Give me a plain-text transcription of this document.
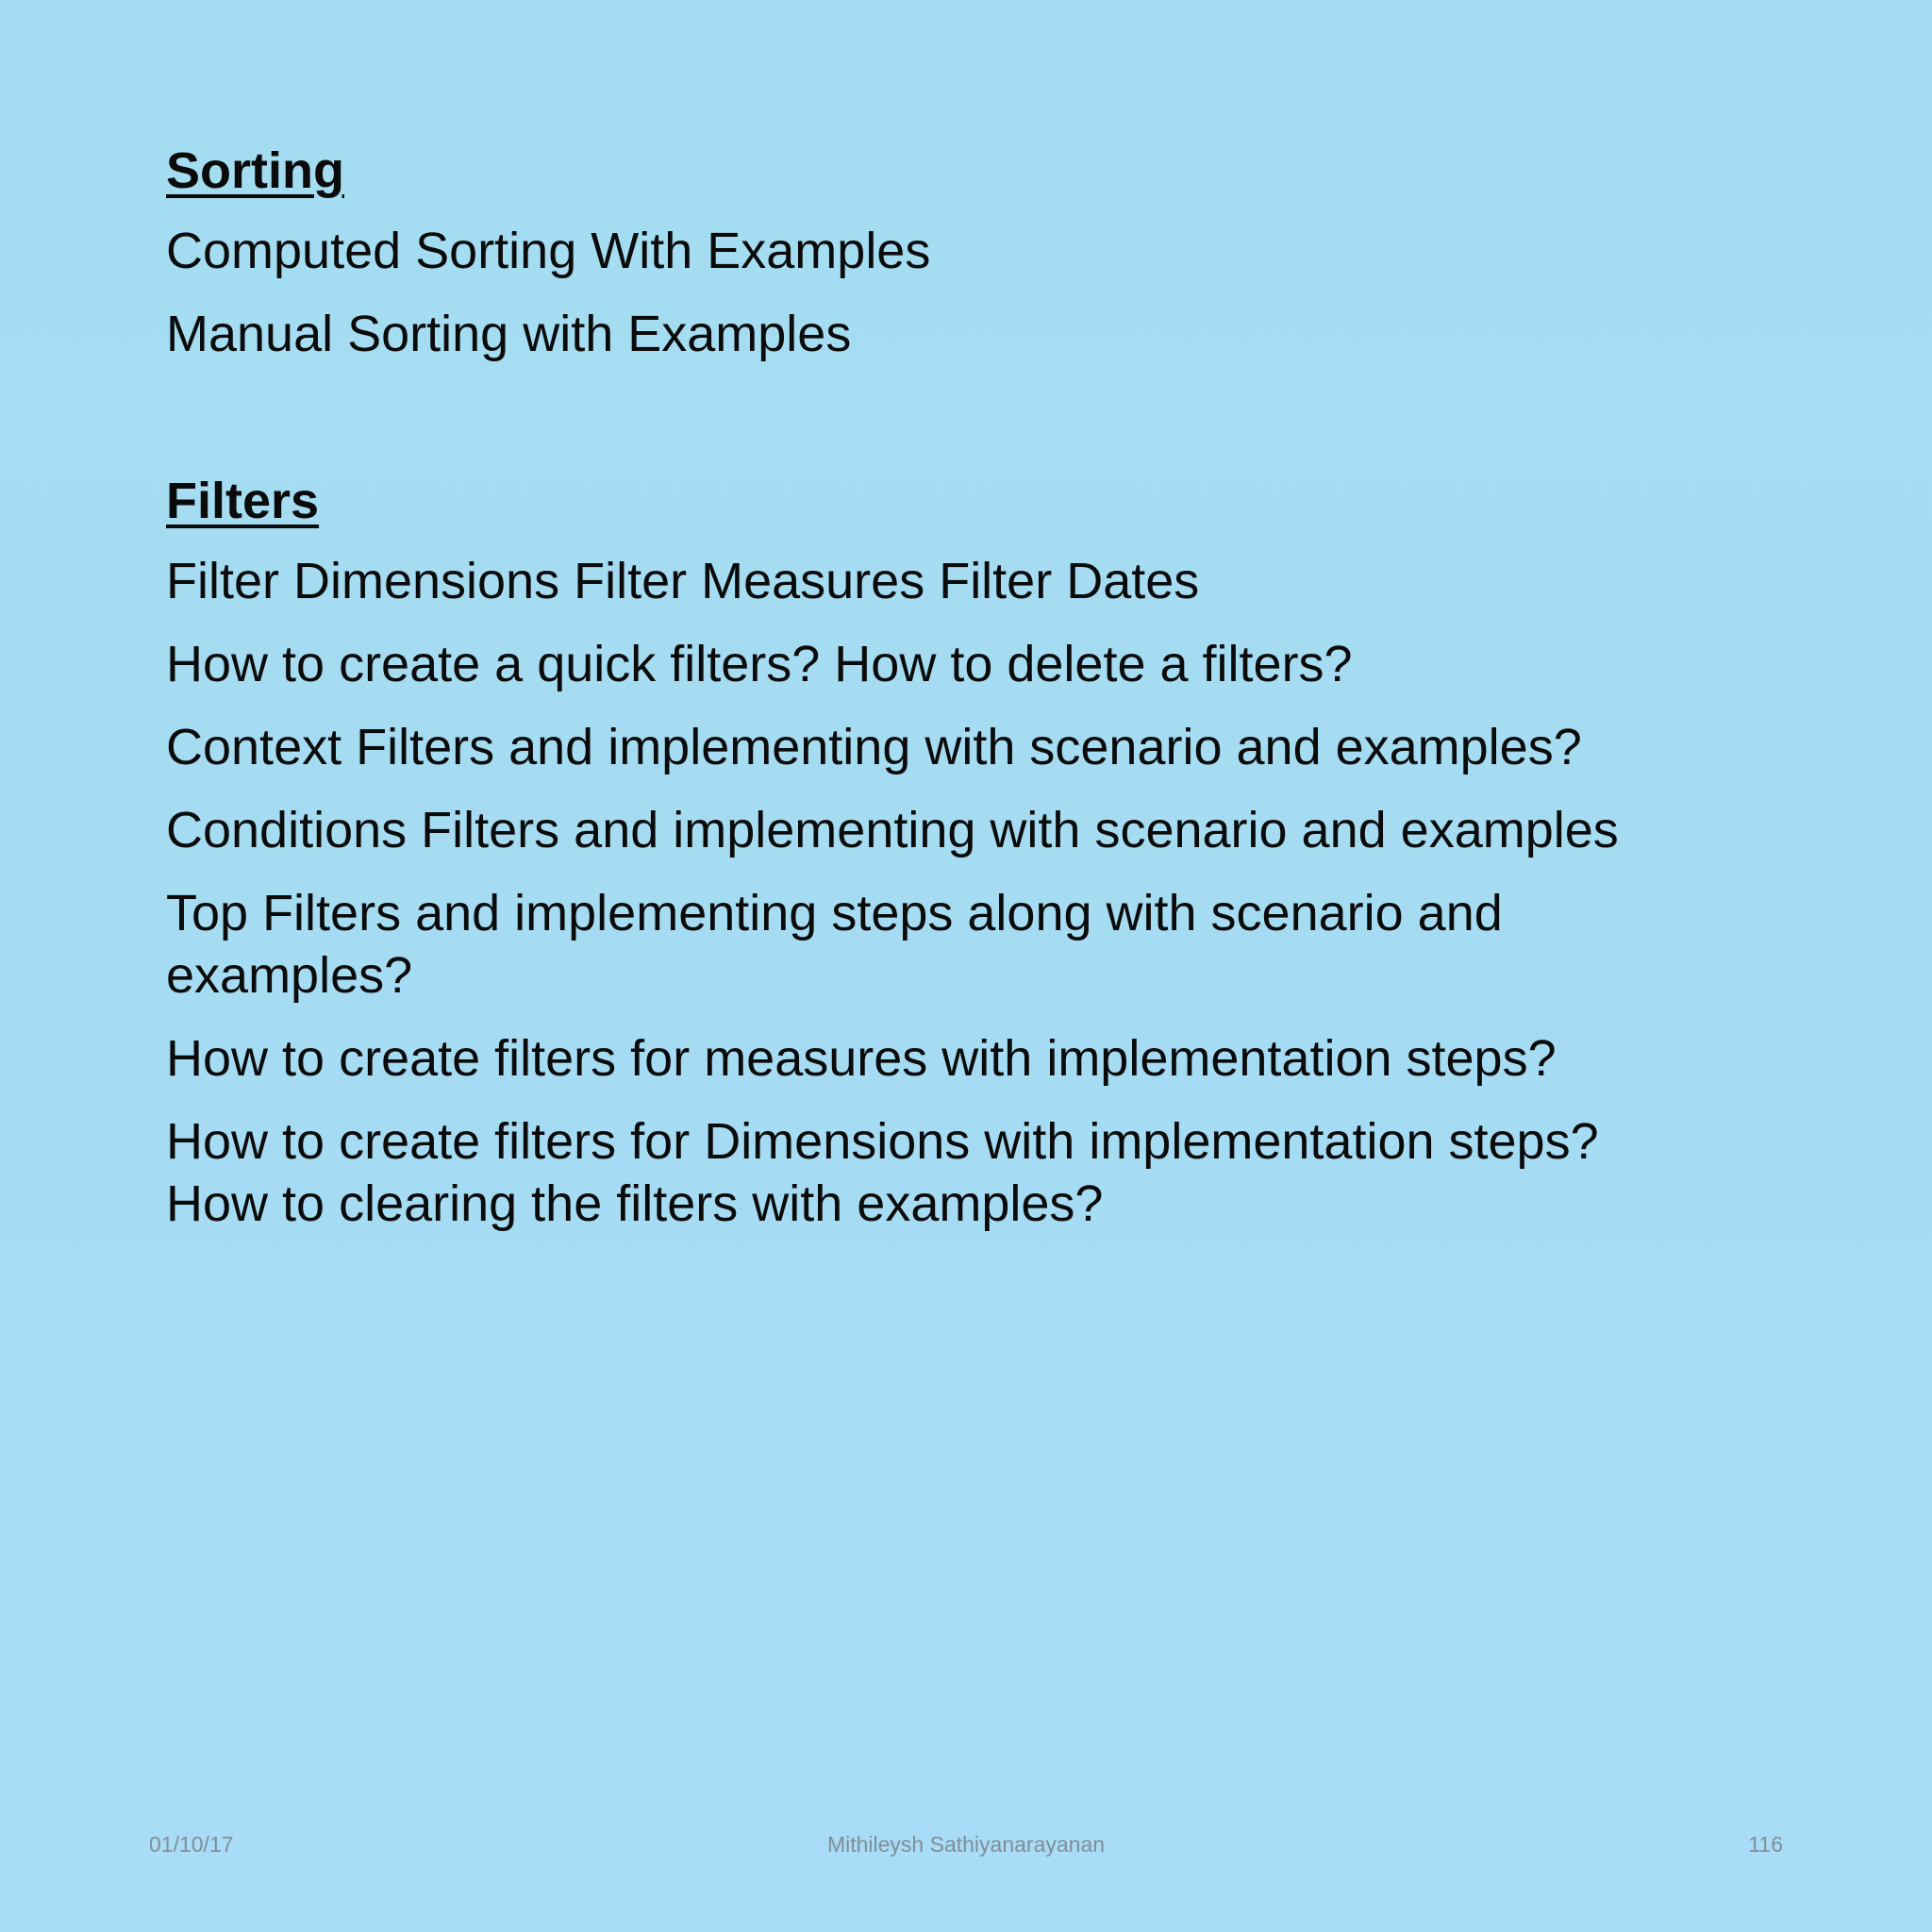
Sorting
Computed Sorting With Examples
Manual Sorting with Examples
Filters
Filter Dimensions Filter Measures Filter Dates
How to create a quick filters? How to delete a filters?
Context Filters and implementing with scenario and examples?
Conditions Filters and implementing with scenario and examples
Top Filters and implementing steps along with scenario and examples?
How to create filters for measures with implementation steps?
How to create filters for Dimensions with implementation steps?
How to clearing the filters with examples?
01/10/17	Mithileysh Sathiyanarayanan	116
